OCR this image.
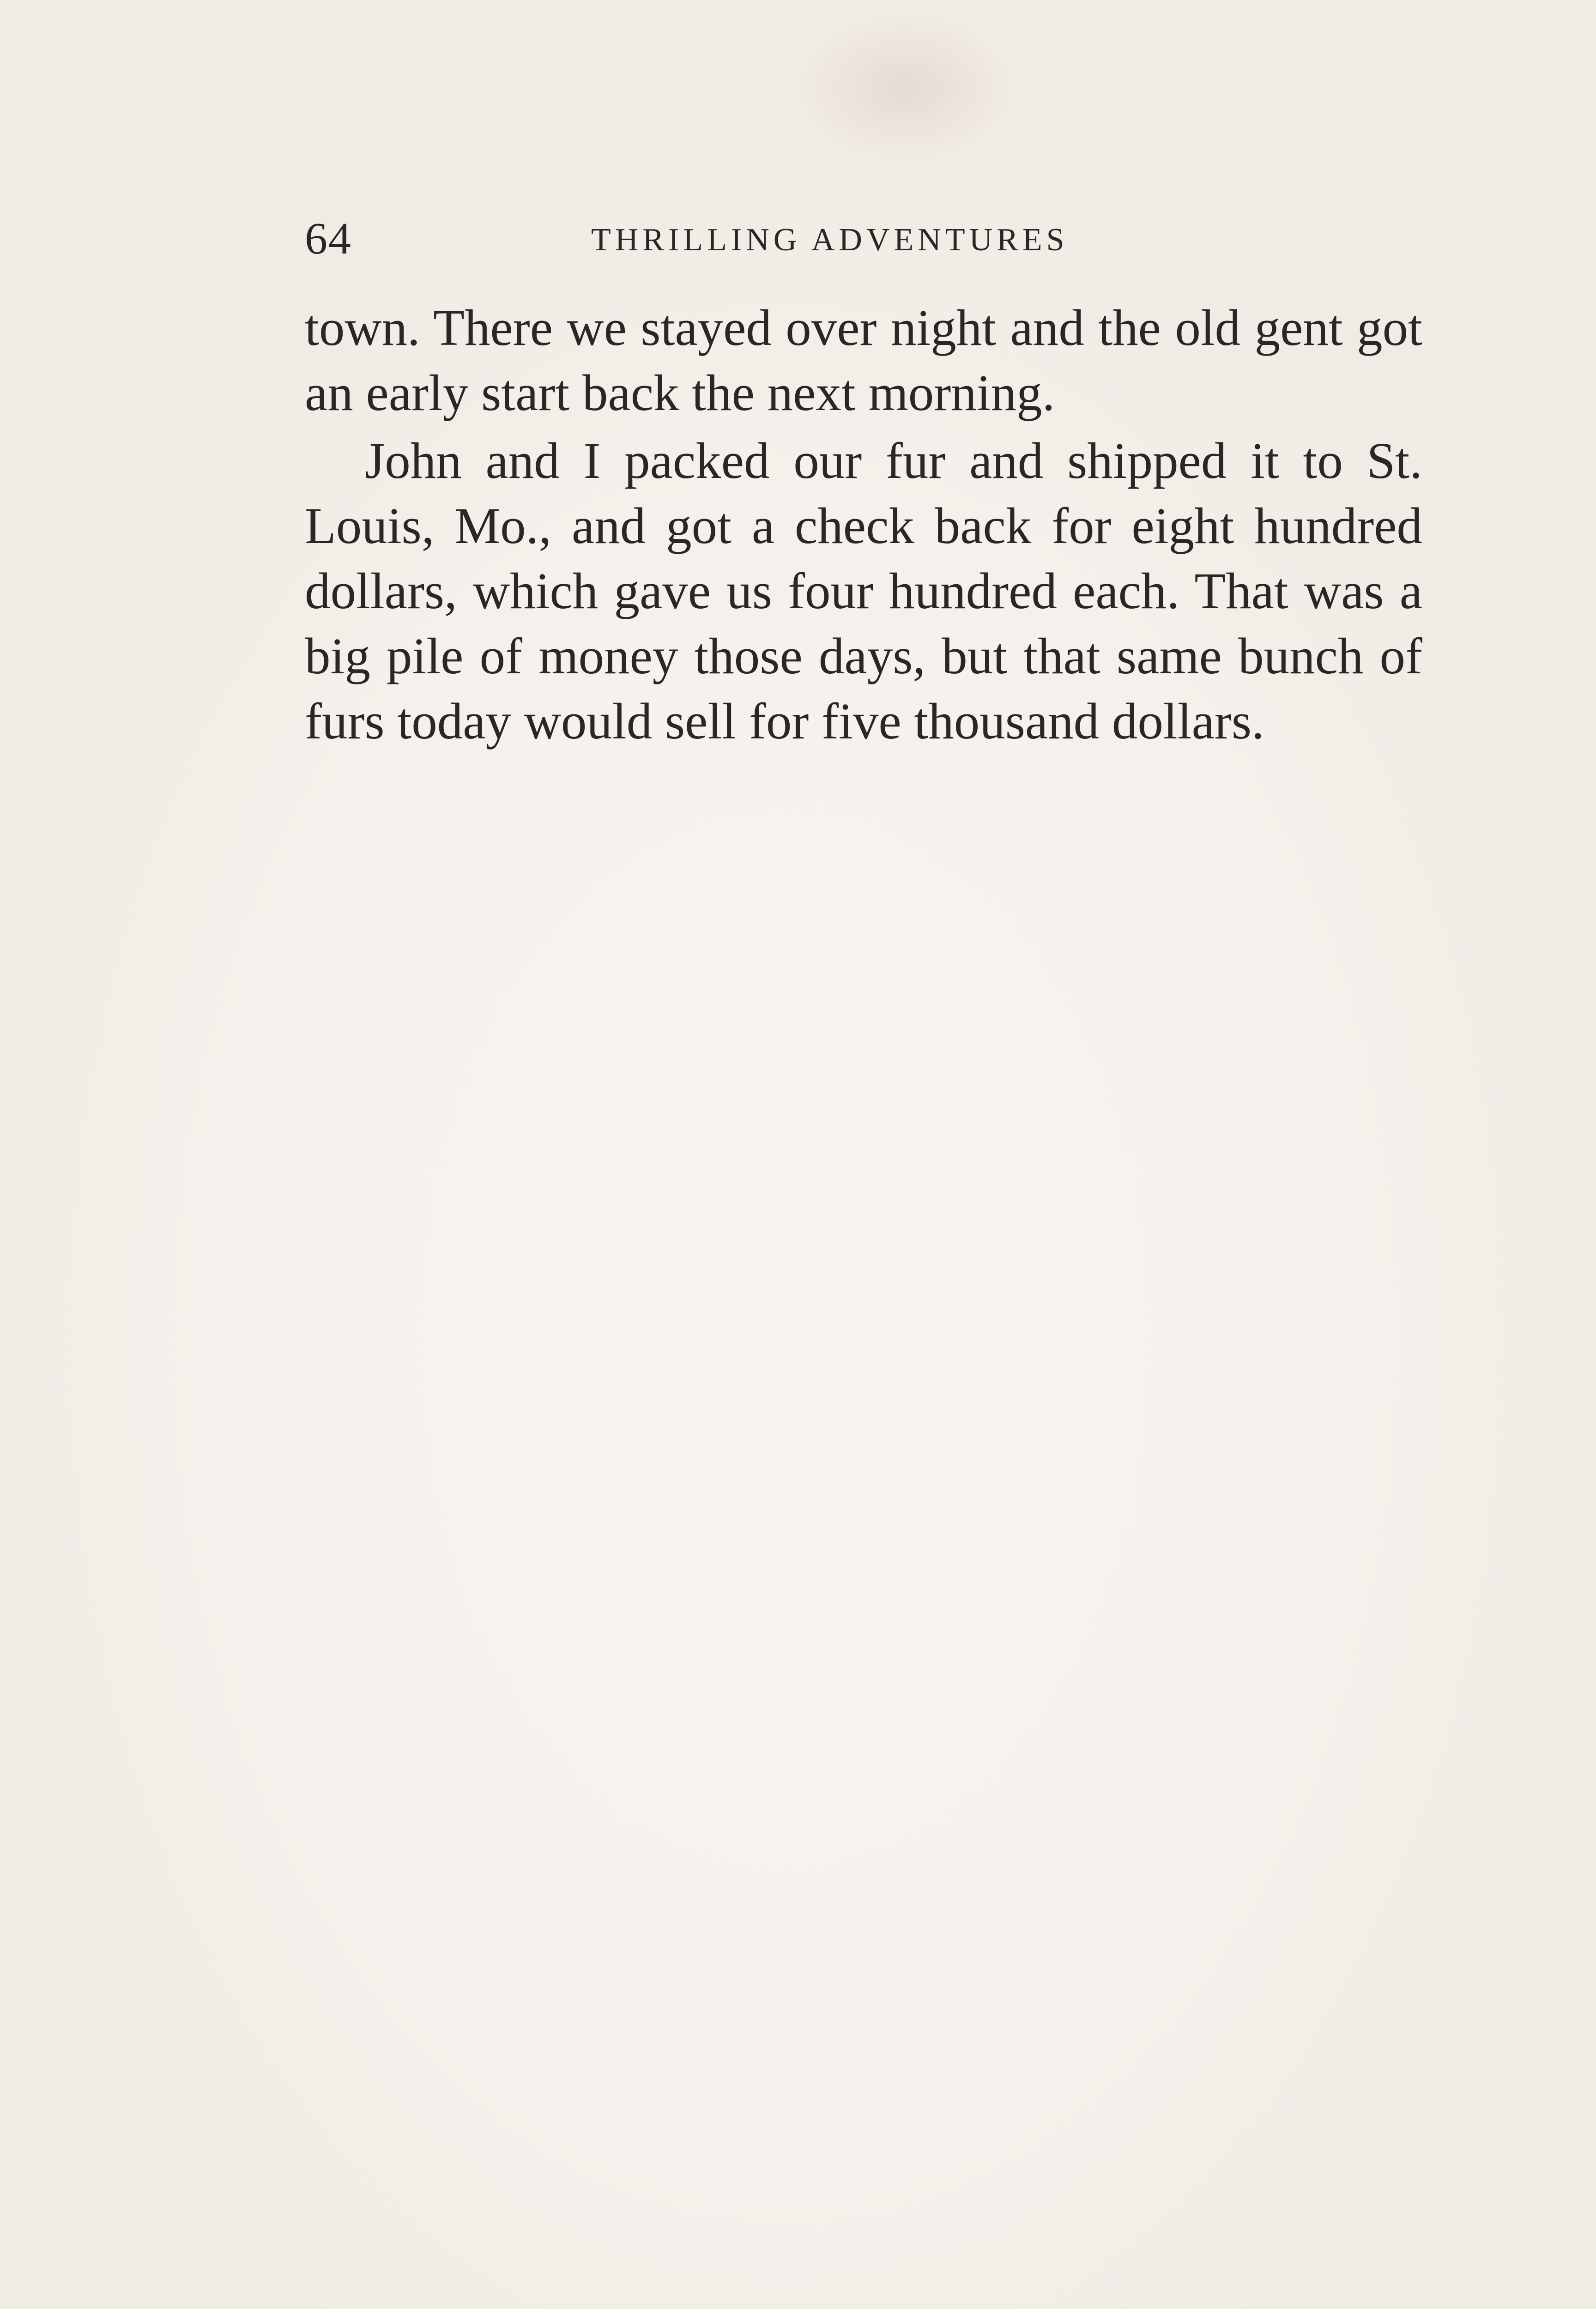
64	THRILLING ADVENTURES

town. There we stayed over night and the old gent got an early start back the next morning.

John and I packed our fur and shipped it to St. Louis, Mo., and got a check back for eight hundred dollars, which gave us four hundred each. That was a big pile of money those days, but that same bunch of furs today would sell for five thousand dollars.
